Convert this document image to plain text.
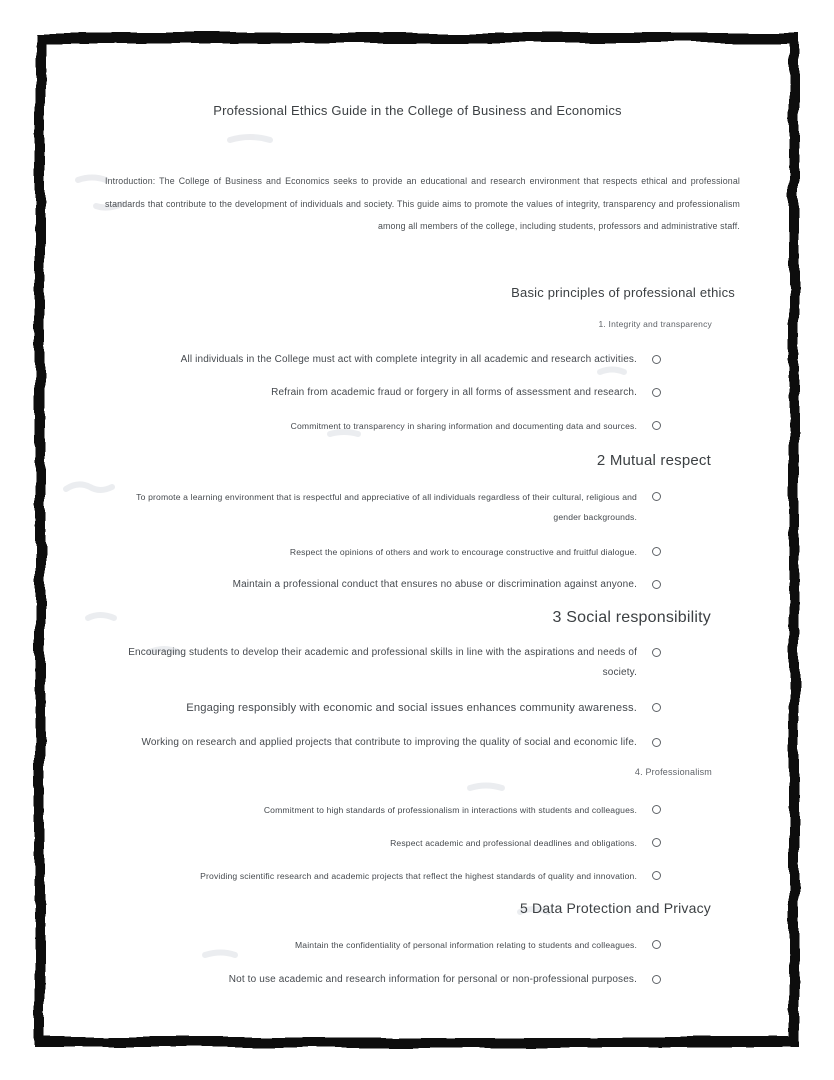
Professional Ethics Guide in the College of Business and Economics

Introduction: The College of Business and Economics seeks to provide an educational and research environment that respects ethical and professional standards that contribute to the development of individuals and society. This guide aims to promote the values of integrity, transparency and professionalism among all members of the college, including students, professors and administrative staff.

Basic principles of professional ethics
1. Integrity and transparency
All individuals in the College must act with complete integrity in all academic and research activities.
Refrain from academic fraud or forgery in all forms of assessment and research.
Commitment to transparency in sharing information and documenting data and sources.
2 Mutual respect
To promote a learning environment that is respectful and appreciative of all individuals regardless of their cultural, religious and gender backgrounds.
Respect the opinions of others and work to encourage constructive and fruitful dialogue.
Maintain a professional conduct that ensures no abuse or discrimination against anyone.
3 Social responsibility
Encouraging students to develop their academic and professional skills in line with the aspirations and needs of society.
Engaging responsibly with economic and social issues enhances community awareness.
Working on research and applied projects that contribute to improving the quality of social and economic life.
4. Professionalism
Commitment to high standards of professionalism in interactions with students and colleagues.
Respect academic and professional deadlines and obligations.
Providing scientific research and academic projects that reflect the highest standards of quality and innovation.
5 Data Protection and Privacy
Maintain the confidentiality of personal information relating to students and colleagues.
Not to use academic and research information for personal or non-professional purposes.
